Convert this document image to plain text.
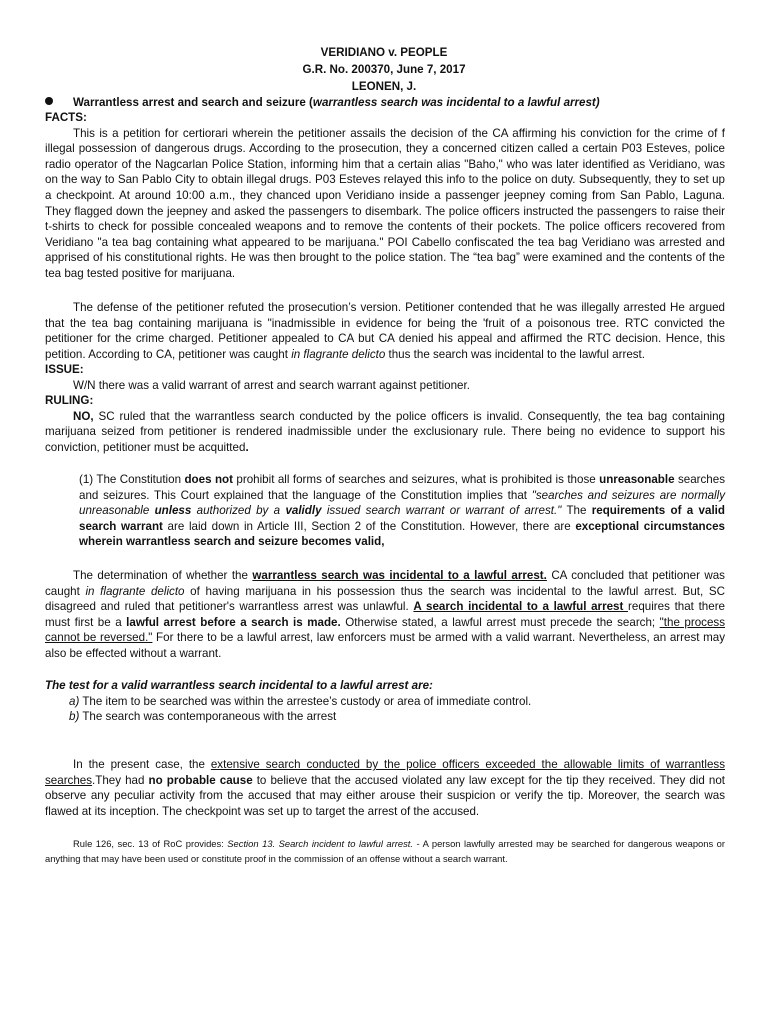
VERIDIANO v. PEOPLE
G.R. No. 200370, June 7, 2017
LEONEN, J.
Warrantless arrest and search and seizure (warrantless search was incidental to a lawful arrest)
FACTS:
This is a petition for certiorari wherein the petitioner assails the decision of the CA affirming his conviction for the crime of f illegal possession of dangerous drugs. According to the prosecution, they a concerned citizen called a certain P03 Esteves, police radio operator of the Nagcarlan Police Station, informing him that a certain alias "Baho," who was later identified as Veridiano, was on the way to San Pablo City to obtain illegal drugs. P03 Esteves relayed this info to the police on duty. Subsequently, they to set up a checkpoint. At around 10:00 a.m., they chanced upon Veridiano inside a passenger jeepney coming from San Pablo, Laguna. They flagged down the jeepney and asked the passengers to disembark. The police officers instructed the passengers to raise their t-shirts to check for possible concealed weapons and to remove the contents of their pockets. The police officers recovered from Veridiano "a tea bag containing what appeared to be marijuana." POI Cabello confiscated the tea bag Veridiano was arrested and apprised of his constitutional rights. He was then brought to the police station. The “tea bag” were examined and the contents of the tea bag tested positive for marijuana.
The defense of the petitioner refuted the prosecution’s version. Petitioner contended that he was illegally arrested He argued that the tea bag containing marijuana is "inadmissible in evidence for being the 'fruit of a poisonous tree. RTC convicted the petitioner for the crime charged. Petitioner appealed to CA but CA denied his appeal and affirmed the RTC decision. Hence, this petition. According to CA, petitioner was caught in flagrante delicto thus the search was incidental to the lawful arrest.
ISSUE:
W/N there was a valid warrant of arrest and search warrant against petitioner.
RULING:
NO, SC ruled that the warrantless search conducted by the police officers is invalid. Consequently, the tea bag containing marijuana seized from petitioner is rendered inadmissible under the exclusionary rule. There being no evidence to support his conviction, petitioner must be acquitted.
(1) The Constitution does not prohibit all forms of searches and seizures, what is prohibited is those unreasonable searches and seizures. This Court explained that the language of the Constitution implies that "searches and seizures are normally unreasonable unless authorized by a validly issued search warrant or warrant of arrest." The requirements of a valid search warrant are laid down in Article III, Section 2 of the Constitution. However, there are exceptional circumstances wherein warrantless search and seizure becomes valid,
The determination of whether the warrantless search was incidental to a lawful arrest. CA concluded that petitioner was caught in flagrante delicto of having marijuana in his possession thus the search was incidental to the lawful arrest. But, SC disagreed and ruled that petitioner's warrantless arrest was unlawful. A search incidental to a lawful arrest requires that there must first be a lawful arrest before a search is made. Otherwise stated, a lawful arrest must precede the search; "the process cannot be reversed." For there to be a lawful arrest, law enforcers must be armed with a valid warrant. Nevertheless, an arrest may also be effected without a warrant.
The test for a valid warrantless search incidental to a lawful arrest are:
a) The item to be searched was within the arrestee’s custody or area of immediate control.
b) The search was contemporaneous with the arrest
In the present case, the extensive search conducted by the police officers exceeded the allowable limits of warrantless searches.They had no probable cause to believe that the accused violated any law except for the tip they received. They did not observe any peculiar activity from the accused that may either arouse their suspicion or verify the tip. Moreover, the search was flawed at its inception. The checkpoint was set up to target the arrest of the accused.
Rule 126, sec. 13 of RoC provides: Section 13. Search incident to lawful arrest. - A person lawfully arrested may be searched for dangerous weapons or anything that may have been used or constitute proof in the commission of an offense without a search warrant.
